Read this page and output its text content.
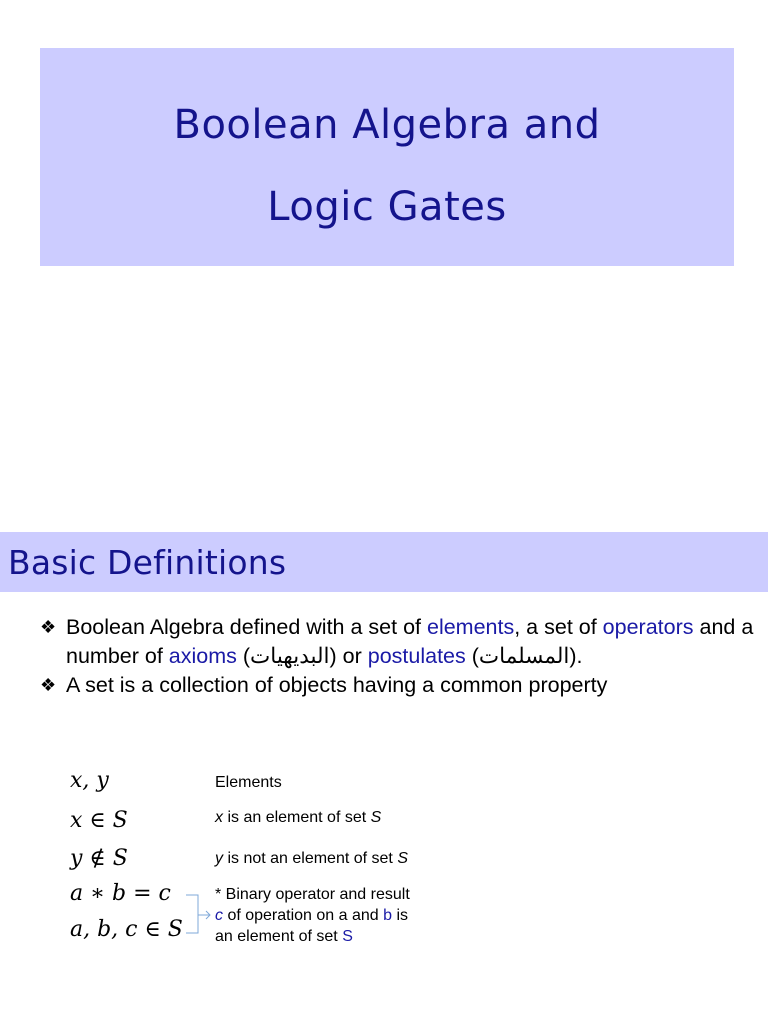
Boolean Algebra and
Logic Gates
Basic Definitions
❖ Boolean Algebra defined with a set of elements, a set of operators and a number of axioms (البديهيات) or postulates (المسلمات).
❖ A set is a collection of objects having a common property
x, y
x ∈ S
y ∉ S
a ∗ b = c
a, b, c ∈ S
Elements
x is an element of set S
y is not an element of set S
* Binary operator and result c of operation on a and b is an element of set S
